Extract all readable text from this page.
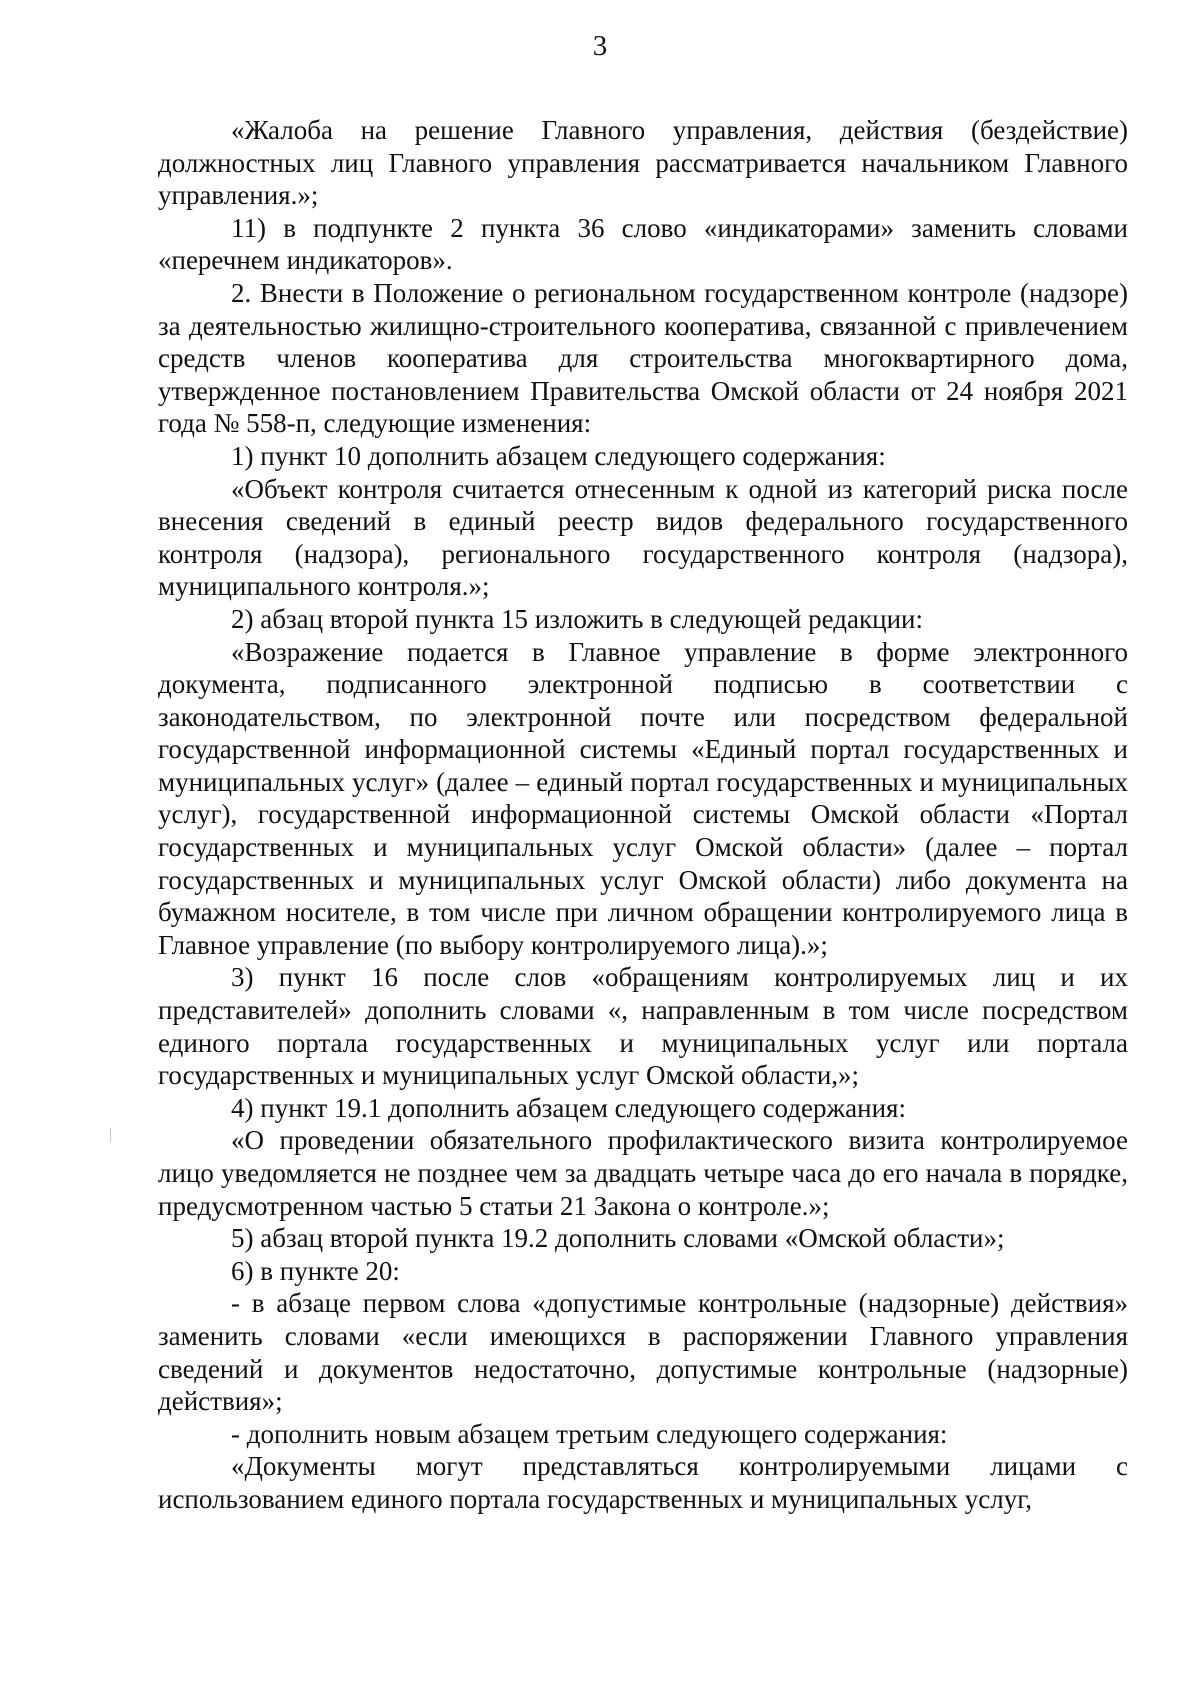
3

«Жалоба на решение Главного управления, действия (бездействие) должностных лиц Главного управления рассматривается начальником Главного управления.»;

11) в подпункте 2 пункта 36 слово «индикаторами» заменить словами «перечнем индикаторов».

2. Внести в Положение о региональном государственном контроле (надзоре) за деятельностью жилищно-строительного кооператива, связанной с привлечением средств членов кооператива для строительства многоквартирного дома, утвержденное постановлением Правительства Омской области от 24 ноября 2021 года № 558-п, следующие изменения:

1) пункт 10 дополнить абзацем следующего содержания:

«Объект контроля считается отнесенным к одной из категорий риска после внесения сведений в единый реестр видов федерального государственного контроля (надзора), регионального государственного контроля (надзора), муниципального контроля.»;

2) абзац второй пункта 15 изложить в следующей редакции:

«Возражение подается в Главное управление в форме электронного документа, подписанного электронной подписью в соответствии с законодательством, по электронной почте или посредством федеральной государственной информационной системы «Единый портал государственных и муниципальных услуг» (далее – единый портал государственных и муниципальных услуг), государственной информационной системы Омской области «Портал государственных и муниципальных услуг Омской области» (далее – портал государственных и муниципальных услуг Омской области) либо документа на бумажном носителе, в том числе при личном обращении контролируемого лица в Главное управление (по выбору контролируемого лица).»;

3) пункт 16 после слов «обращениям контролируемых лиц и их представителей» дополнить словами «, направленным в том числе посредством единого портала государственных и муниципальных услуг или портала государственных и муниципальных услуг Омской области,»;

4) пункт 19.1 дополнить абзацем следующего содержания:

«О проведении обязательного профилактического визита контролируемое лицо уведомляется не позднее чем за двадцать четыре часа до его начала в порядке, предусмотренном частью 5 статьи 21 Закона о контроле.»;

5) абзац второй пункта 19.2 дополнить словами «Омской области»;

6) в пункте 20:

- в абзаце первом слова «допустимые контрольные (надзорные) действия» заменить словами «если имеющихся в распоряжении Главного управления сведений и документов недостаточно, допустимые контрольные (надзорные) действия»;

- дополнить новым абзацем третьим следующего содержания:

«Документы могут представляться контролируемыми лицами с использованием единого портала государственных и муниципальных услуг,
